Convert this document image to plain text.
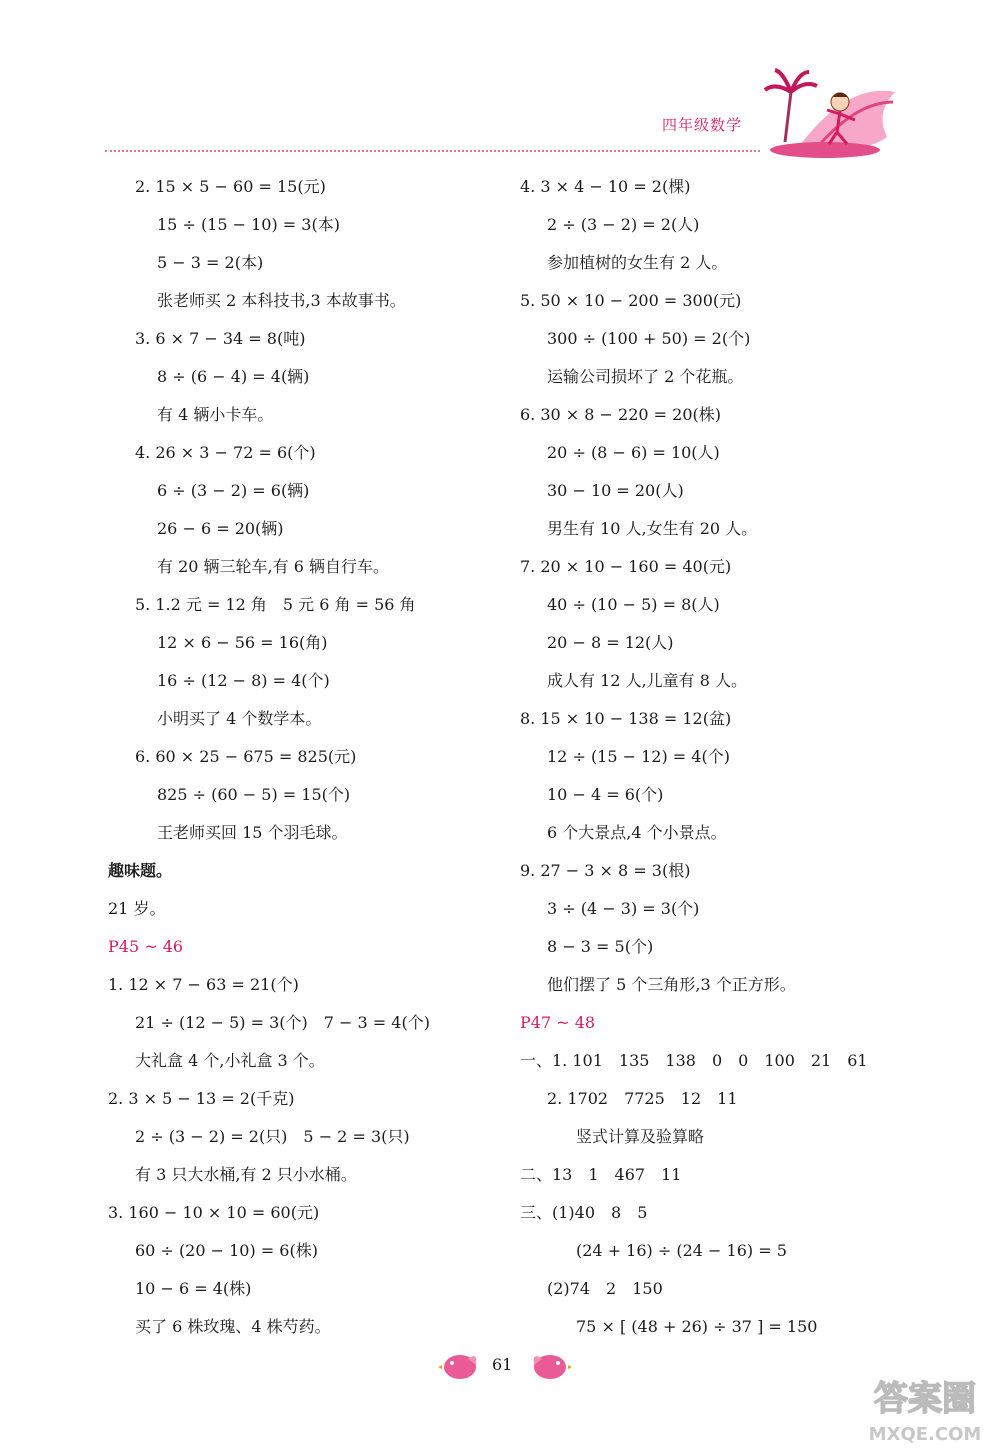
四年级数学
2. 15 × 5 − 60 = 15(元)
15 ÷ (15 − 10) = 3(本)
5 − 3 = 2(本)
张老师买 2 本科技书,3 本故事书。
3. 6 × 7 − 34 = 8(吨)
8 ÷ (6 − 4) = 4(辆)
有 4 辆小卡车。
4. 26 × 3 − 72 = 6(个)
6 ÷ (3 − 2) = 6(辆)
26 − 6 = 20(辆)
有 20 辆三轮车,有 6 辆自行车。
5. 1.2 元 = 12 角　5 元 6 角 = 56 角
12 × 6 − 56 = 16(角)
16 ÷ (12 − 8) = 4(个)
小明买了 4 个数学本。
6. 60 × 25 − 675 = 825(元)
825 ÷ (60 − 5) = 15(个)
王老师买回 15 个羽毛球。
趣味题。
21 岁。
P45 ~ 46
1. 12 × 7 − 63 = 21(个)
21 ÷ (12 − 5) = 3(个)　7 − 3 = 4(个)
大礼盒 4 个,小礼盒 3 个。
2. 3 × 5 − 13 = 2(千克)
2 ÷ (3 − 2) = 2(只)　5 − 2 = 3(只)
有 3 只大水桶,有 2 只小水桶。
3. 160 − 10 × 10 = 60(元)
60 ÷ (20 − 10) = 6(株)
10 − 6 = 4(株)
买了 6 株玫瑰、4 株芍药。
4. 3 × 4 − 10 = 2(棵)
2 ÷ (3 − 2) = 2(人)
参加植树的女生有 2 人。
5. 50 × 10 − 200 = 300(元)
300 ÷ (100 + 50) = 2(个)
运输公司损坏了 2 个花瓶。
6. 30 × 8 − 220 = 20(株)
20 ÷ (8 − 6) = 10(人)
30 − 10 = 20(人)
男生有 10 人,女生有 20 人。
7. 20 × 10 − 160 = 40(元)
40 ÷ (10 − 5) = 8(人)
20 − 8 = 12(人)
成人有 12 人,儿童有 8 人。
8. 15 × 10 − 138 = 12(盆)
12 ÷ (15 − 12) = 4(个)
10 − 4 = 6(个)
6 个大景点,4 个小景点。
9. 27 − 3 × 8 = 3(根)
3 ÷ (4 − 3) = 3(个)
8 − 3 = 5(个)
他们摆了 5 个三角形,3 个正方形。
P47 ~ 48
一、1. 101　135　138　0　0　100　21　61
2. 1702　7725　12　11
竖式计算及验算略
二、13　1　467　11
三、(1)40　8　5
(24 + 16) ÷ (24 − 16) = 5
(2)74　2　150
75 × [ (48 + 26) ÷ 37 ] = 150
61
答案圈
MXQE.COM
